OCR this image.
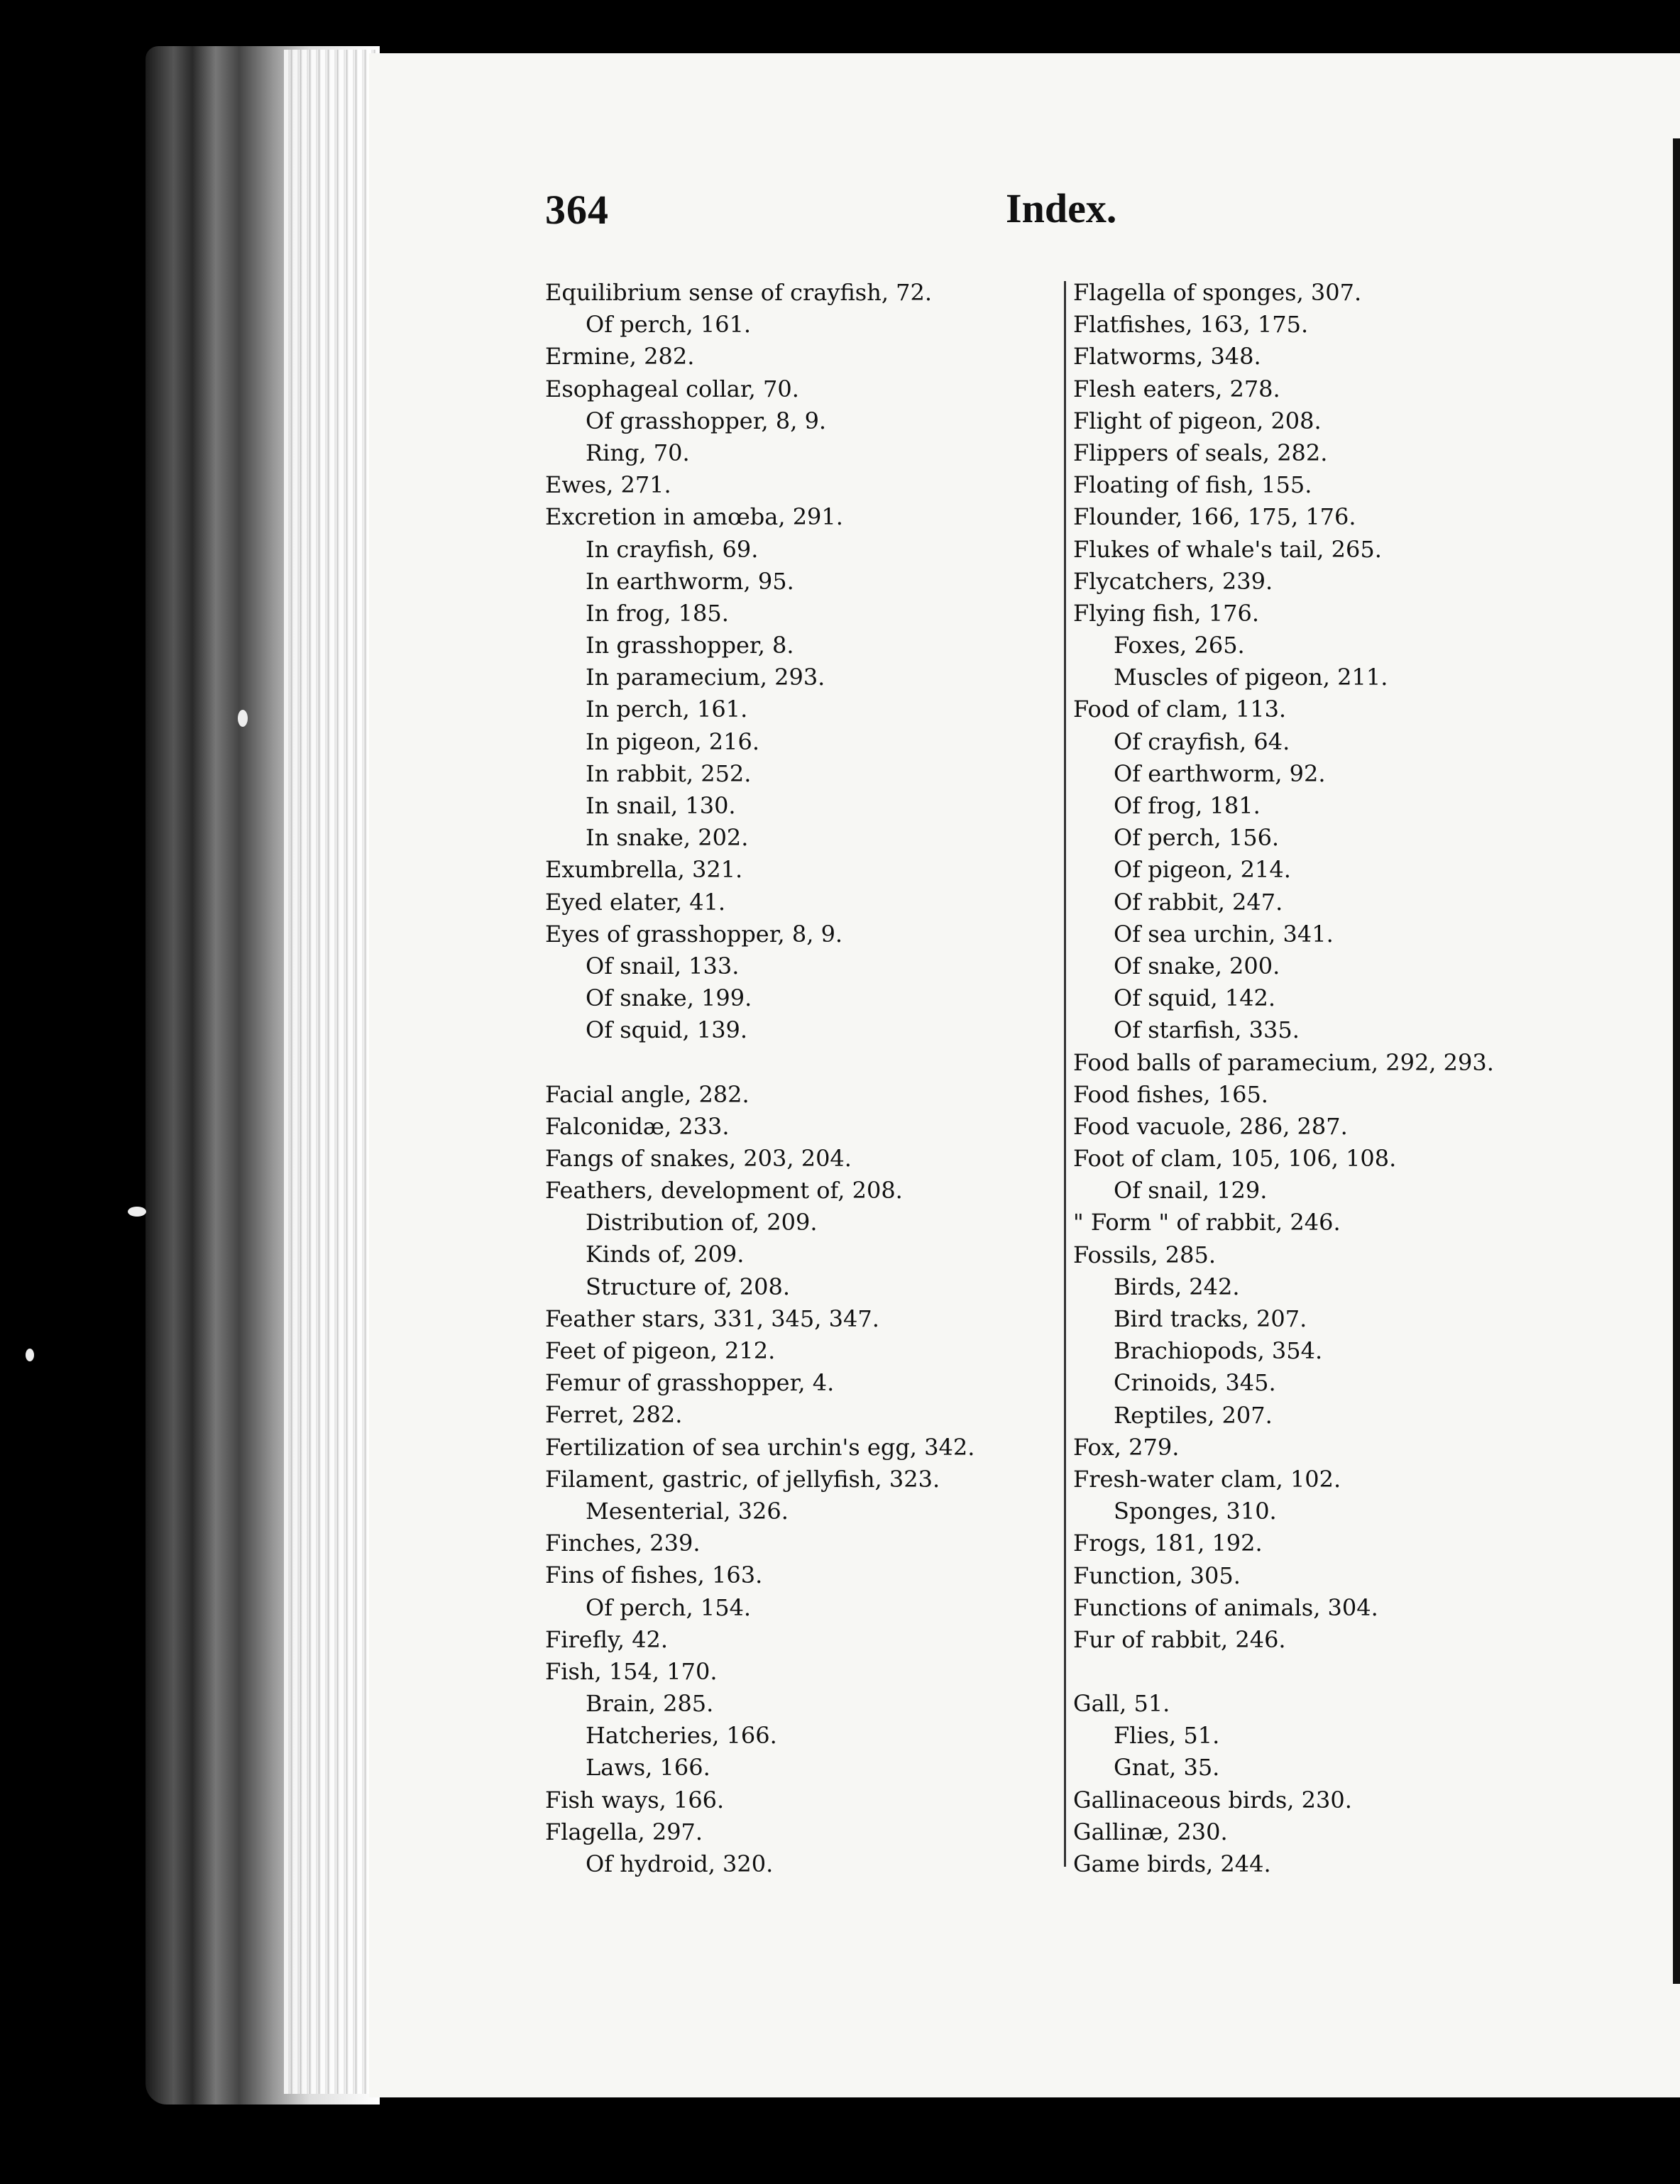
364	Index.
Equilibrium sense of crayfish, 72.
Of perch, 161.
Ermine, 282.
Esophageal collar, 70.
Of grasshopper, 8, 9.
Ring, 70.
Ewes, 271.
Excretion in amœba, 291.
In crayfish, 69.
In earthworm, 95.
In frog, 185.
In grasshopper, 8.
In paramecium, 293.
In perch, 161.
In pigeon, 216.
In rabbit, 252.
In snail, 130.
In snake, 202.
Exumbrella, 321.
Eyed elater, 41.
Eyes of grasshopper, 8, 9.
Of snail, 133.
Of snake, 199.
Of squid, 139.
Facial angle, 282.
Falconidæ, 233.
Fangs of snakes, 203, 204.
Feathers, development of, 208.
Distribution of, 209.
Kinds of, 209.
Structure of, 208.
Feather stars, 331, 345, 347.
Feet of pigeon, 212.
Femur of grasshopper, 4.
Ferret, 282.
Fertilization of sea urchin's egg, 342.
Filament, gastric, of jellyfish, 323.
Mesenterial, 326.
Finches, 239.
Fins of fishes, 163.
Of perch, 154.
Firefly, 42.
Fish, 154, 170.
Brain, 285.
Hatcheries, 166.
Laws, 166.
Fish ways, 166.
Flagella, 297.
Of hydroid, 320.
Flagella of sponges, 307.
Flatfishes, 163, 175.
Flatworms, 348.
Flesh eaters, 278.
Flight of pigeon, 208.
Flippers of seals, 282.
Floating of fish, 155.
Flounder, 166, 175, 176.
Flukes of whale's tail, 265.
Flycatchers, 239.
Flying fish, 176.
Foxes, 265.
Muscles of pigeon, 211.
Food of clam, 113.
Of crayfish, 64.
Of earthworm, 92.
Of frog, 181.
Of perch, 156.
Of pigeon, 214.
Of rabbit, 247.
Of sea urchin, 341.
Of snake, 200.
Of squid, 142.
Of starfish, 335.
Food balls of paramecium, 292, 293.
Food fishes, 165.
Food vacuole, 286, 287.
Foot of clam, 105, 106, 108.
Of snail, 129.
" Form " of rabbit, 246.
Fossils, 285.
Birds, 242.
Bird tracks, 207.
Brachiopods, 354.
Crinoids, 345.
Reptiles, 207.
Fox, 279.
Fresh-water clam, 102.
Sponges, 310.
Frogs, 181, 192.
Function, 305.
Functions of animals, 304.
Fur of rabbit, 246.
Gall, 51.
Flies, 51.
Gnat, 35.
Gallinaceous birds, 230.
Gallinæ, 230.
Game birds, 244.
